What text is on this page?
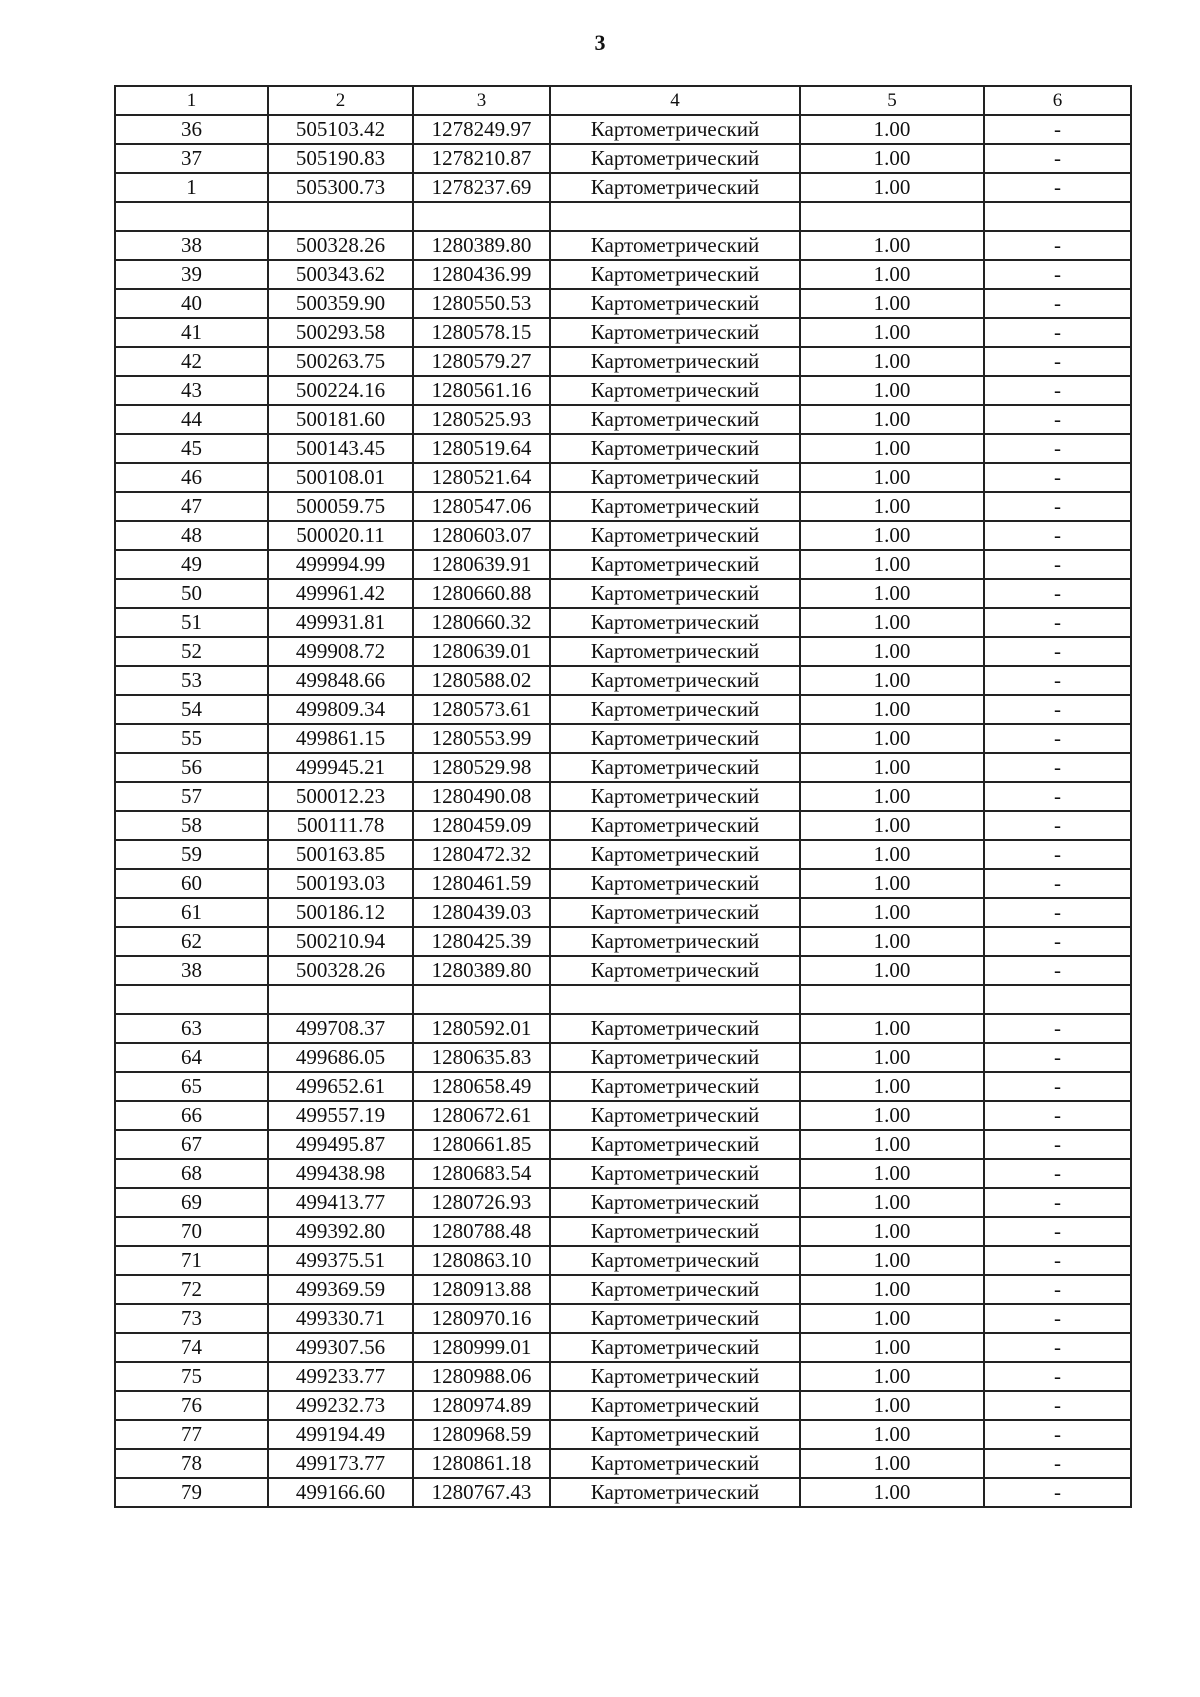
3
1	2	3	4	5	6
36	505103.42	1278249.97	Картометрический	1.00	-
37	505190.83	1278210.87	Картометрический	1.00	-
1	505300.73	1278237.69	Картометрический	1.00	-

38	500328.26	1280389.80	Картометрический	1.00	-
39	500343.62	1280436.99	Картометрический	1.00	-
40	500359.90	1280550.53	Картометрический	1.00	-
41	500293.58	1280578.15	Картометрический	1.00	-
42	500263.75	1280579.27	Картометрический	1.00	-
43	500224.16	1280561.16	Картометрический	1.00	-
44	500181.60	1280525.93	Картометрический	1.00	-
45	500143.45	1280519.64	Картометрический	1.00	-
46	500108.01	1280521.64	Картометрический	1.00	-
47	500059.75	1280547.06	Картометрический	1.00	-
48	500020.11	1280603.07	Картометрический	1.00	-
49	499994.99	1280639.91	Картометрический	1.00	-
50	499961.42	1280660.88	Картометрический	1.00	-
51	499931.81	1280660.32	Картометрический	1.00	-
52	499908.72	1280639.01	Картометрический	1.00	-
53	499848.66	1280588.02	Картометрический	1.00	-
54	499809.34	1280573.61	Картометрический	1.00	-
55	499861.15	1280553.99	Картометрический	1.00	-
56	499945.21	1280529.98	Картометрический	1.00	-
57	500012.23	1280490.08	Картометрический	1.00	-
58	500111.78	1280459.09	Картометрический	1.00	-
59	500163.85	1280472.32	Картометрический	1.00	-
60	500193.03	1280461.59	Картометрический	1.00	-
61	500186.12	1280439.03	Картометрический	1.00	-
62	500210.94	1280425.39	Картометрический	1.00	-
38	500328.26	1280389.80	Картометрический	1.00	-

63	499708.37	1280592.01	Картометрический	1.00	-
64	499686.05	1280635.83	Картометрический	1.00	-
65	499652.61	1280658.49	Картометрический	1.00	-
66	499557.19	1280672.61	Картометрический	1.00	-
67	499495.87	1280661.85	Картометрический	1.00	-
68	499438.98	1280683.54	Картометрический	1.00	-
69	499413.77	1280726.93	Картометрический	1.00	-
70	499392.80	1280788.48	Картометрический	1.00	-
71	499375.51	1280863.10	Картометрический	1.00	-
72	499369.59	1280913.88	Картометрический	1.00	-
73	499330.71	1280970.16	Картометрический	1.00	-
74	499307.56	1280999.01	Картометрический	1.00	-
75	499233.77	1280988.06	Картометрический	1.00	-
76	499232.73	1280974.89	Картометрический	1.00	-
77	499194.49	1280968.59	Картометрический	1.00	-
78	499173.77	1280861.18	Картометрический	1.00	-
79	499166.60	1280767.43	Картометрический	1.00	-
